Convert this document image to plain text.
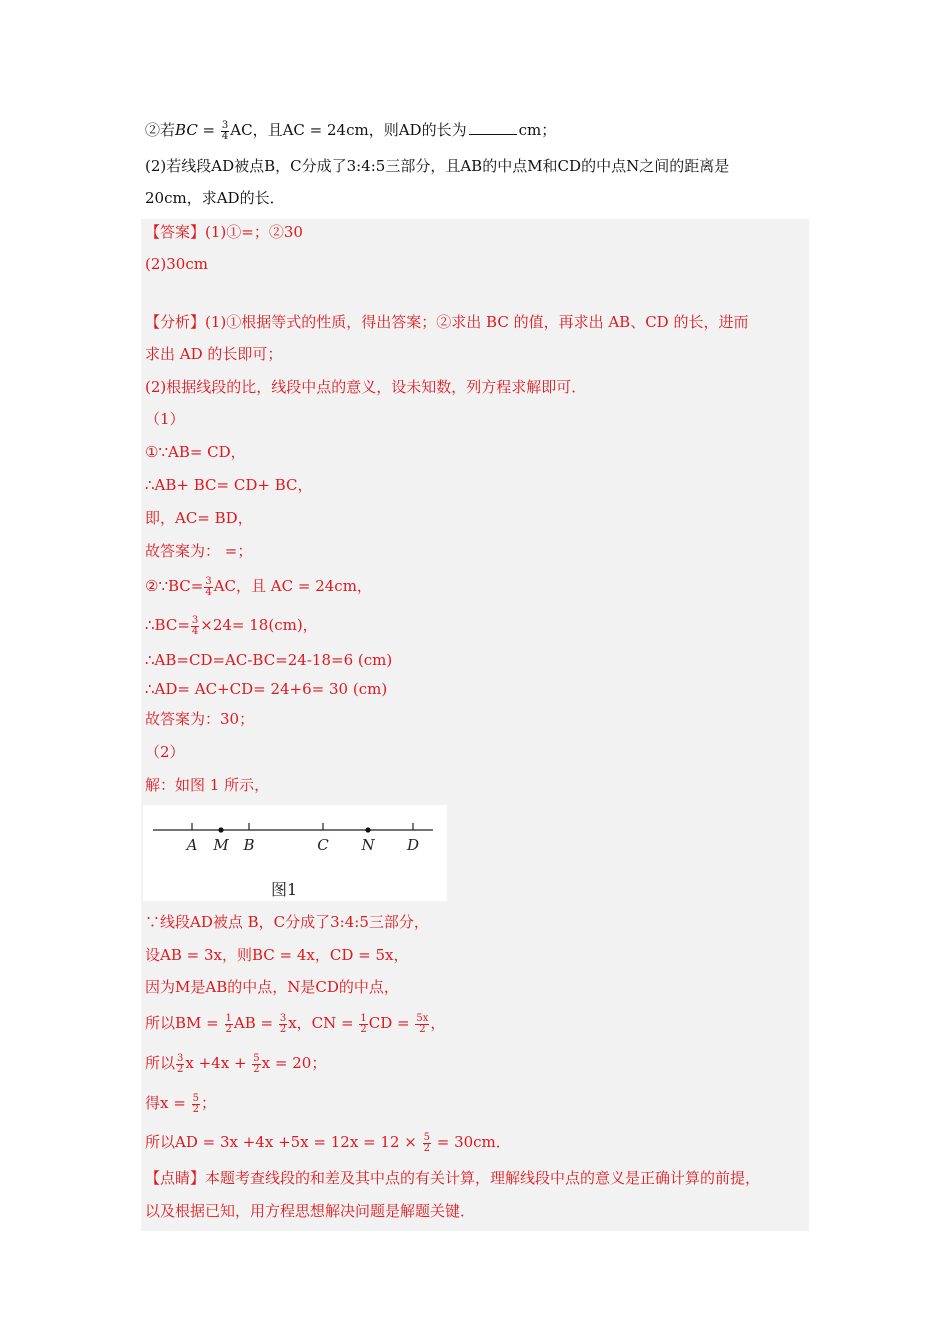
②若BC = $\frac{3}{4}$ AC，且AC = 24cm，则AD的长为	cm；
(2)若线段AD被点B，C分成了3:4:5三部分，且AB的中点M和CD的中点N之间的距离是
20cm，求AD的长．
【答案】(1)①=；②30
(2)30cm
【分析】(1)①根据等式的性质，得出答案；②求出 BC 的值，再求出 AB、CD 的长，进而
求出 AD 的长即可；
(2)根据线段的比，线段中点的意义，设未知数，列方程求解即可．
（1）
①∵AB= CD，
∴AB+ BC= CD+ BC，
即，AC= BD，
故答案为： =；
②∵BC= $\frac{3}{4}$ AC，且 AC = 24cm，
∴BC= $\frac{3}{4} \times 24= 18(cm)$，
∴AB=CD=AC-BC=24-18=6 (cm)
∴AD= AC+CD= 24+6= 30 (cm)
故答案为：30；
（2）
解：如图 1 所示，
A M B	C N D
图1
∵线段AD被点 B，C分成了3:4:5三部分，
设AB = 3x，则BC = 4x，CD = 5x，
因为M是AB的中点，N是CD的中点，
所以BM = $\frac{1}{2}$ AB = $\frac{3}{2}$ x，CN = $\frac{1}{2}$ CD = $\frac{5x}{2}$ ，
所以 $\frac{3}{2}$ $x +4x + \frac{5}{2}$ x = 20；
得$x = \frac{5}{2}$ ；
所以AD = $3x +4x +5x = 12x = 12 \times \frac{5}{2} = 30cm$．
【点睛】本题考查线段的和差及其中点的有关计算，理解线段中点的意义是正确计算的前提，
以及根据已知，用方程思想解决问题是解题关键．
